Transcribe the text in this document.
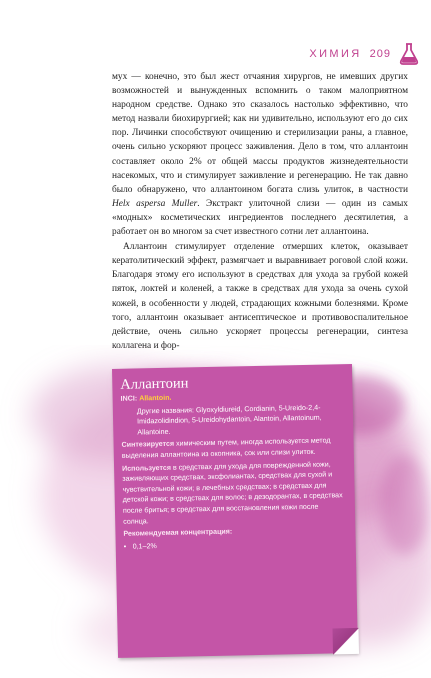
ХИМИЯ 209

мух — конечно, это был жест отчаяния хирургов, не имевших других возможностей и вынужденных вспомнить о таком малоприятном народном средстве. Однако это сказалось настолько эффективно, что метод назвали биохирургией; как ни удивительно, используют его до сих пор. Личинки способствуют очищению и стерилизации раны, а главное, очень сильно ускоряют процесс заживления. Дело в том, что аллантоин составляет около 2% от общей массы продуктов жизнедеятельности насекомых, что и стимулирует заживление и регенерацию. Не так давно было обнаружено, что аллантоином богата слизь улиток, в частности Helx aspersa Muller. Экстракт улиточной слизи — один из самых «модных» косметических ингредиентов последнего десятилетия, а работает он во многом за счет известного сотни лет аллантоина.

Аллантоин стимулирует отделение отмерших клеток, оказывает кератолитический эффект, размягчает и выравнивает роговой слой кожи. Благодаря этому его используют в средствах для ухода за грубой кожей пяток, локтей и коленей, а также в средствах для ухода за очень сухой кожей, в особенности у людей, страдающих кожными болезнями. Кроме того, аллантоин оказывает антисептическое и противовоспалительное действие, очень сильно ускоряет процессы регенерации, синтеза коллагена и фор-

Аллантоин
INCI: Allantoin.
Другие названия: Glyoxyldiureid, Cordianin, 5-Ureido-2,4-Imidazolidindion, 5-Ureidohydantoin, Alantoin, Allantoinum, Allantoine.
Синтезируется химическим путем, иногда используется метод выделения аллантоина из окопника, сок или слизи улиток.
Используется в средствах для ухода для поврежденной кожи, заживляющих средствах, эксфолиантах, средствах для сухой и чувствительной кожи; в лечебных средствах; в средствах для детской кожи; в средствах для волос; в дезодорантах, в средствах после бритья; в средствах для восстановления кожи после солнца.
Рекомендуемая концентрация:
• 0,1–2%
